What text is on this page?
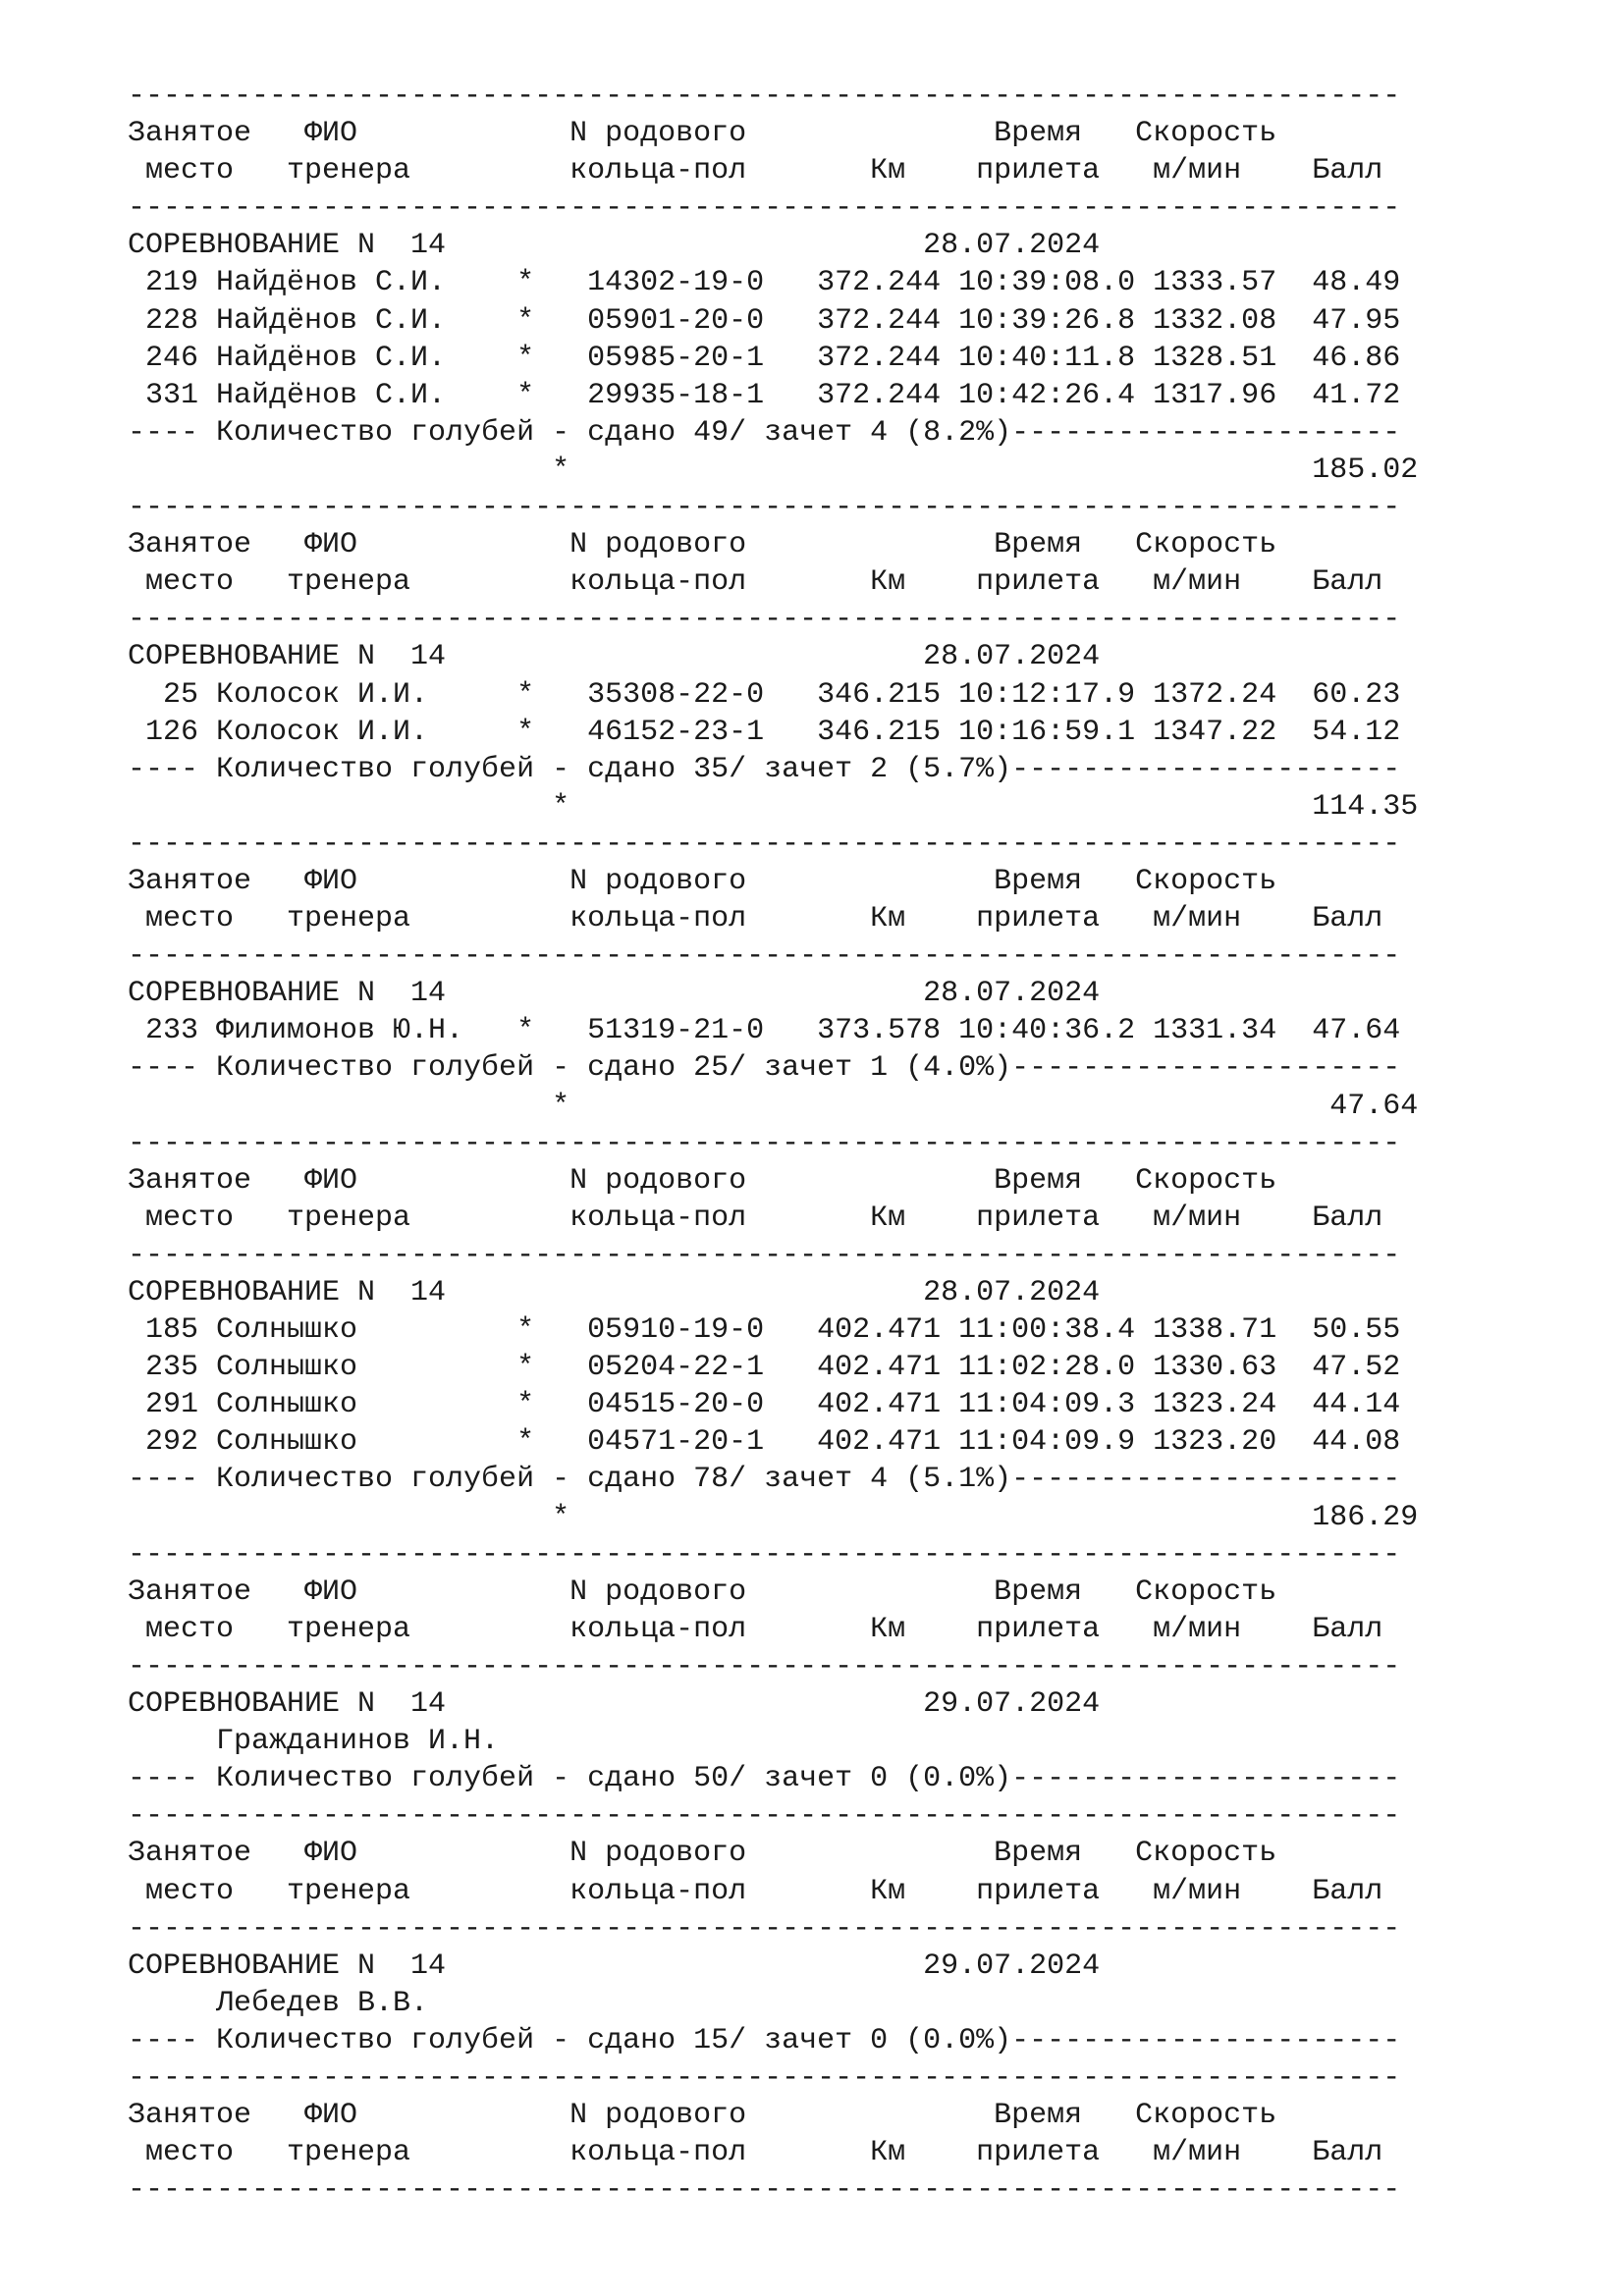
------------------------------------------------------------------------
Занятое   ФИО            N родового              Время   Скорость
место   тренера         кольца-пол       Км    прилета   м/мин    Балл
------------------------------------------------------------------------
СОРЕВНОВАНИЕ N  14                           28.07.2024
219 Найдёнов С.И.    *   14302-19-0   372.244 10:39:08.0 1333.57  48.49
228 Найдёнов С.И.    *   05901-20-0   372.244 10:39:26.8 1332.08  47.95
246 Найдёнов С.И.    *   05985-20-1   372.244 10:40:11.8 1328.51  46.86
331 Найдёнов С.И.    *   29935-18-1   372.244 10:42:26.4 1317.96  41.72
---- Количество голубей - сдано 49/ зачет 4 (8.2%)----------------------
*                                          185.02
------------------------------------------------------------------------
Занятое   ФИО            N родового              Время   Скорость
место   тренера         кольца-пол       Км    прилета   м/мин    Балл
------------------------------------------------------------------------
СОРЕВНОВАНИЕ N  14                           28.07.2024
25 Колосок И.И.     *   35308-22-0   346.215 10:12:17.9 1372.24  60.23
126 Колосок И.И.     *   46152-23-1   346.215 10:16:59.1 1347.22  54.12
---- Количество голубей - сдано 35/ зачет 2 (5.7%)----------------------
*                                          114.35
------------------------------------------------------------------------
Занятое   ФИО            N родового              Время   Скорость
место   тренера         кольца-пол       Км    прилета   м/мин    Балл
------------------------------------------------------------------------
СОРЕВНОВАНИЕ N  14                           28.07.2024
233 Филимонов Ю.Н.   *   51319-21-0   373.578 10:40:36.2 1331.34  47.64
---- Количество голубей - сдано 25/ зачет 1 (4.0%)----------------------
*                                           47.64
------------------------------------------------------------------------
Занятое   ФИО            N родового              Время   Скорость
место   тренера         кольца-пол       Км    прилета   м/мин    Балл
------------------------------------------------------------------------
СОРЕВНОВАНИЕ N  14                           28.07.2024
185 Солнышко         *   05910-19-0   402.471 11:00:38.4 1338.71  50.55
235 Солнышко         *   05204-22-1   402.471 11:02:28.0 1330.63  47.52
291 Солнышко         *   04515-20-0   402.471 11:04:09.3 1323.24  44.14
292 Солнышко         *   04571-20-1   402.471 11:04:09.9 1323.20  44.08
---- Количество голубей - сдано 78/ зачет 4 (5.1%)----------------------
*                                          186.29
------------------------------------------------------------------------
Занятое   ФИО            N родового              Время   Скорость
место   тренера         кольца-пол       Км    прилета   м/мин    Балл
------------------------------------------------------------------------
СОРЕВНОВАНИЕ N  14                           29.07.2024
Гражданинов И.Н.
---- Количество голубей - сдано 50/ зачет 0 (0.0%)----------------------
------------------------------------------------------------------------
Занятое   ФИО            N родового              Время   Скорость
место   тренера         кольца-пол       Км    прилета   м/мин    Балл
------------------------------------------------------------------------
СОРЕВНОВАНИЕ N  14                           29.07.2024
Лебедев В.В.
---- Количество голубей - сдано 15/ зачет 0 (0.0%)----------------------
------------------------------------------------------------------------
Занятое   ФИО            N родового              Время   Скорость
место   тренера         кольца-пол       Км    прилета   м/мин    Балл
------------------------------------------------------------------------
